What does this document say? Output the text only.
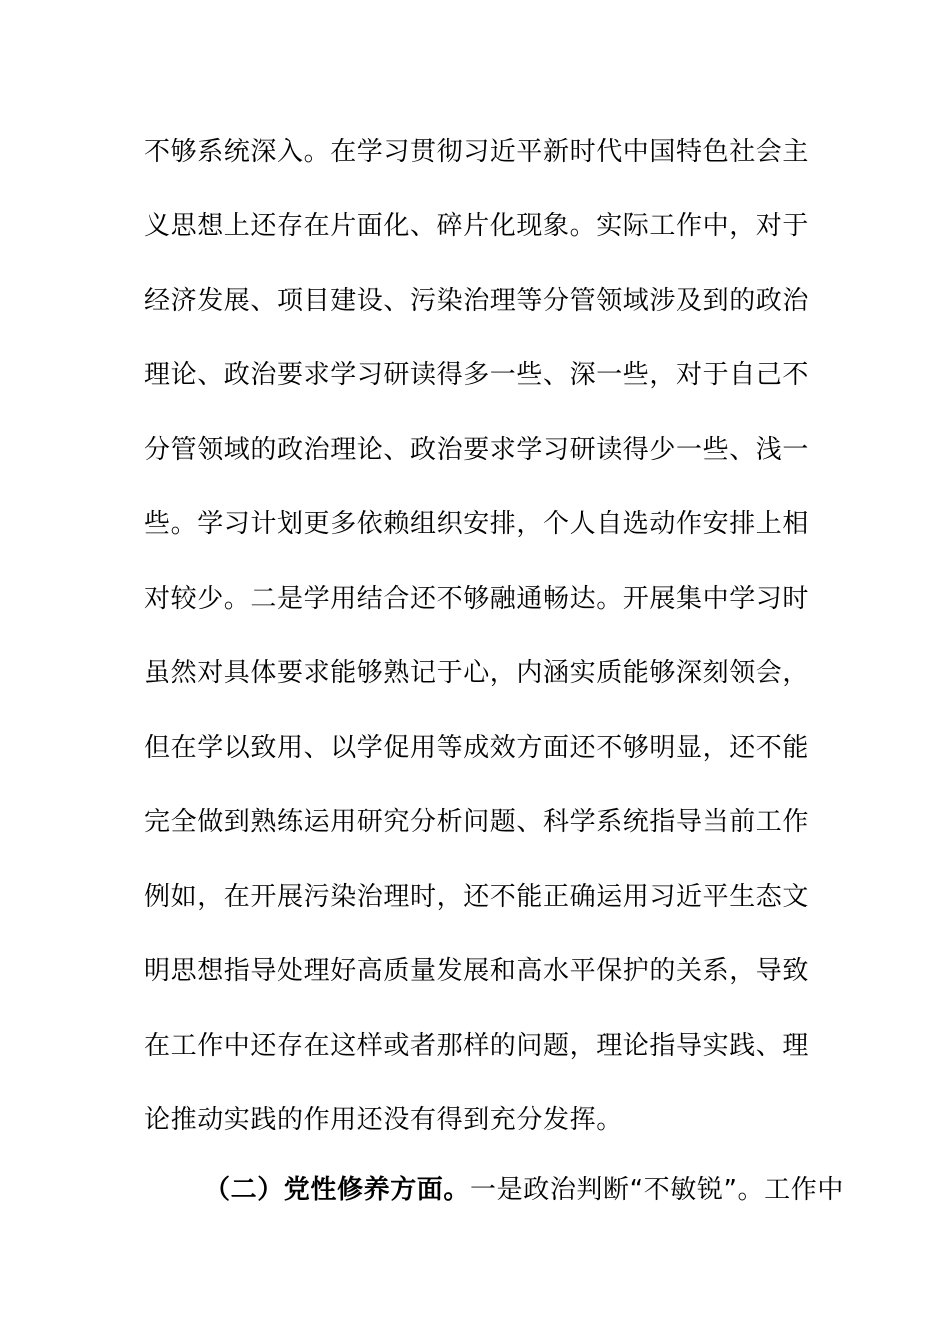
不够系统深入。在学习贯彻习近平新时代中国特色社会主
义思想上还存在片面化、碎片化现象。实际工作中，对于
经济发展、项目建设、污染治理等分管领域涉及到的政治
理论、政治要求学习研读得多一些、深一些，对于自己不
分管领域的政治理论、政治要求学习研读得少一些、浅一
些。学习计划更多依赖组织安排，个人自选动作安排上相
对较少。二是学用结合还不够融通畅达。开展集中学习时
虽然对具体要求能够熟记于心，内涵实质能够深刻领会，
但在学以致用、以学促用等成效方面还不够明显，还不能
完全做到熟练运用研究分析问题、科学系统指导当前工作
例如，在开展污染治理时，还不能正确运用习近平生态文
明思想指导处理好高质量发展和高水平保护的关系，导致
在工作中还存在这样或者那样的问题，理论指导实践、理
论推动实践的作用还没有得到充分发挥。
（二）党性修养方面。一是政治判断“不敏锐”。工作中
